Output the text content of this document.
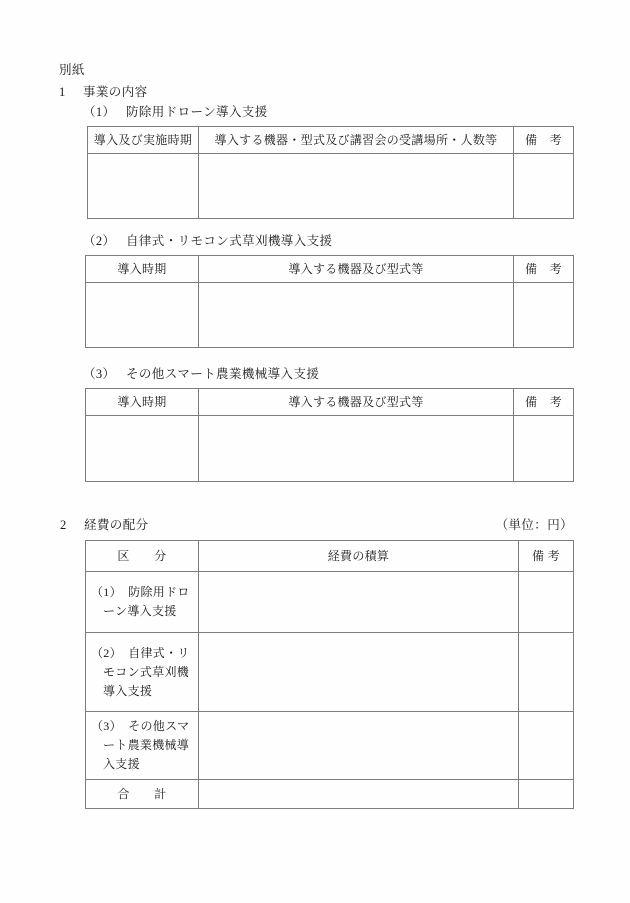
別紙
1 事業の内容
（1） 防除用ドローン導入支援
導入及び実施時期	導入する機器・型式及び講習会の受講場所・人数等	備　考

（2） 自律式・リモコン式草刈機導入支援
導入時期	導入する機器及び型式等	備　考

（3） その他スマート農業機械導入支援
導入時期	導入する機器及び型式等	備　考

2 経費の配分	（単位：円）
区　　分	経費の積算	備 考

（1）　防除用ドロ
ーン導入支援		

（2）　自律式・リ
モコン式草刈機
導入支援		

（3）　その他スマ
ート農業機械導
入支援		

合　　計		
